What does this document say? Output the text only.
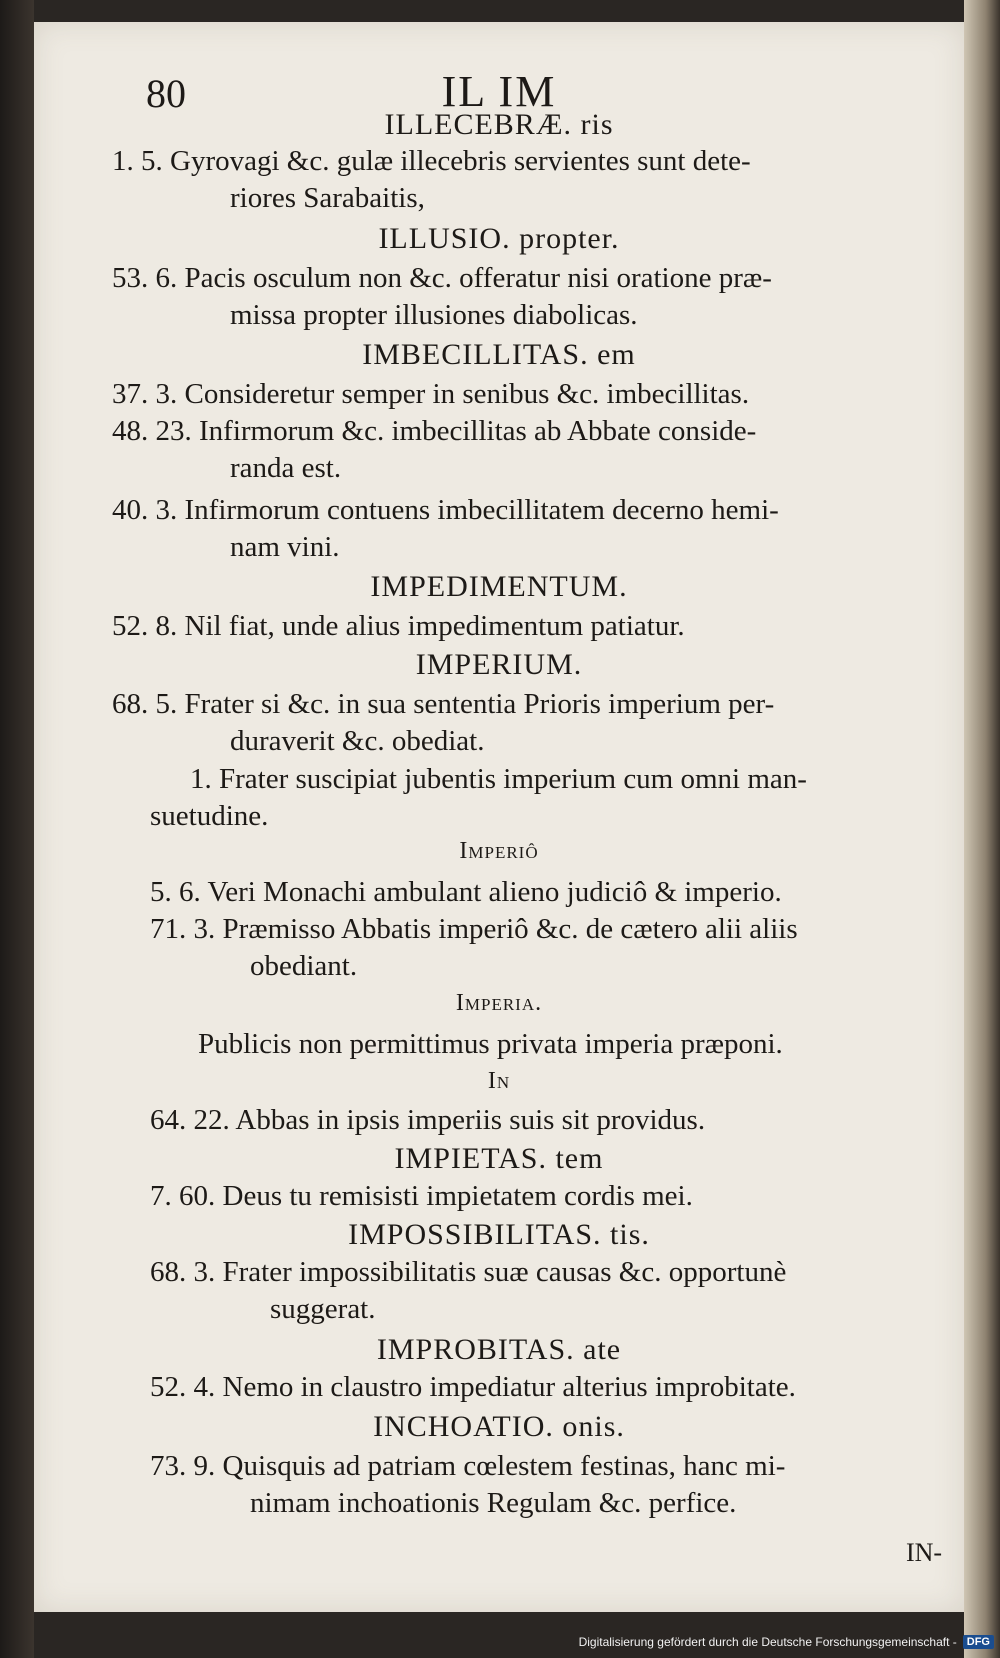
80	IL IM
IN-
ILLECEBRÆ. ris
1. 5. Gyrovagi &c. gulæ illecebris servientes sunt dete-
riores Sarabaitis,
ILLUSIO. propter.
53. 6. Pacis osculum non &c. offeratur nisi oratione præ-
missa propter illusiones diabolicas.
IMBECILLITAS. em
37. 3. Consideretur semper in senibus &c. imbecillitas.
48. 23. Infirmorum &c. imbecillitas ab Abbate conside-
randa est.
40. 3. Infirmorum contuens imbecillitatem decerno hemi-
nam vini.
IMPEDIMENTUM.
52. 8. Nil fiat, unde alius impedimentum patiatur.
IMPERIUM.
68. 5. Frater si &c. in sua sententia Prioris imperium per-
duraverit &c. obediat.
1. Frater suscipiat jubentis imperium cum omni man-
suetudine.
Imperiô
5. 6. Veri Monachi ambulant alieno judiciô & imperio.
71. 3. Præmisso Abbatis imperiô &c. de cætero alii aliis
obediant.
Imperia.
Publicis non permittimus privata imperia præponi.
In
64. 22. Abbas in ipsis imperiis suis sit providus.
IMPIETAS. tem
7. 60. Deus tu remisisti impietatem cordis mei.
IMPOSSIBILITAS. tis.
68. 3. Frater impossibilitatis suæ causas &c. opportunè
suggerat.
IMPROBITAS. ate
52. 4. Nemo in claustro impediatur alterius improbitate.
INCHOATIO. onis.
73. 9. Quisquis ad patriam cœlestem festinas, hanc mi-
nimam inchoationis Regulam &c. perfice.
Digitalisierung gefördert durch die Deutsche Forschungsgemeinschaft - DFG
